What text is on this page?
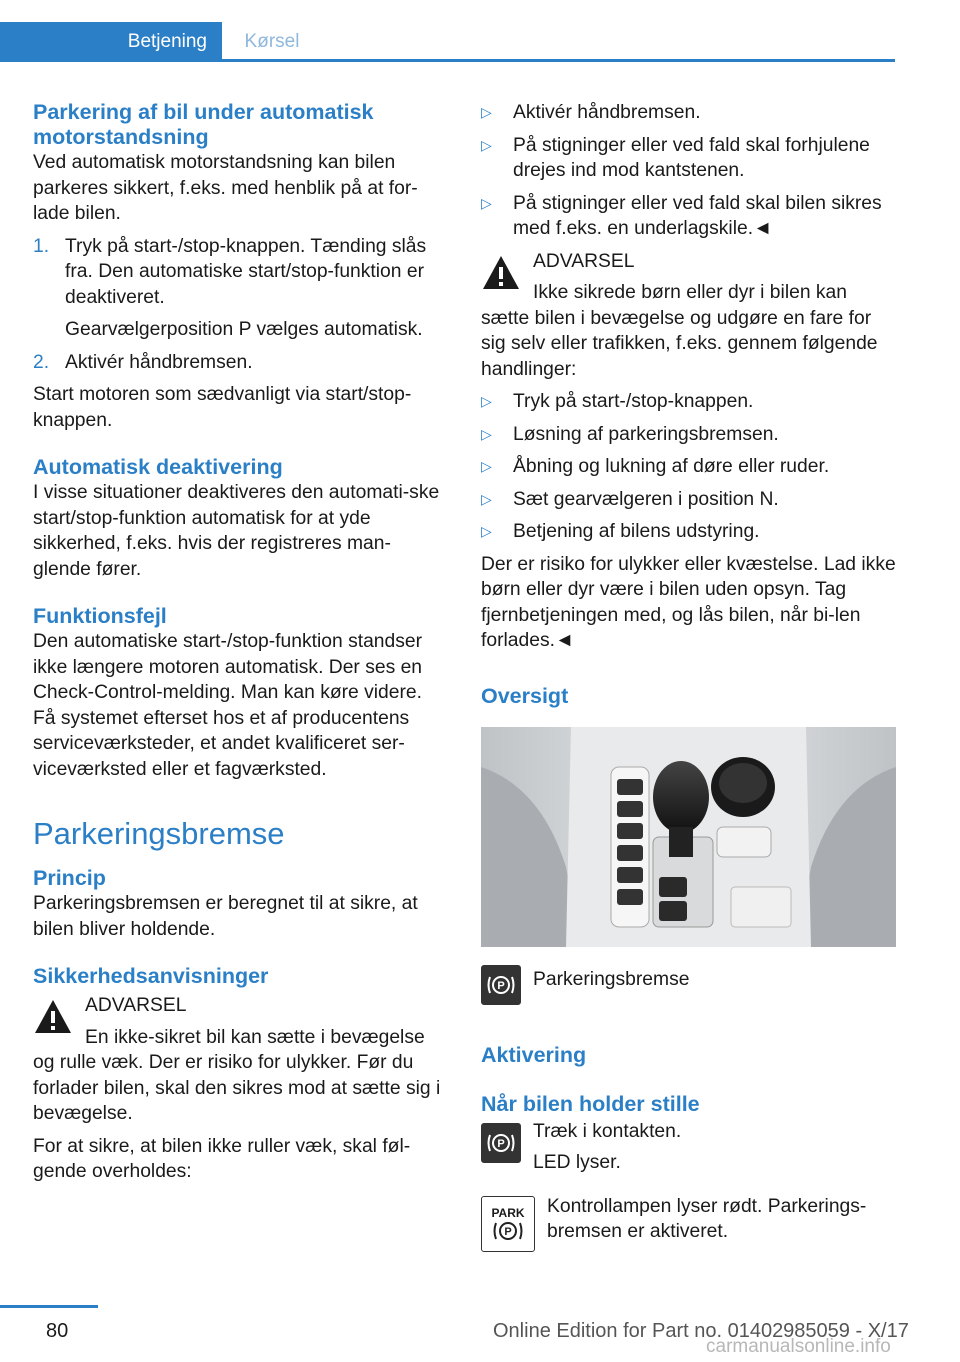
Betjening	Kørsel
Parkering af bil under automatisk motorstandsning

Ved automatisk motorstandsning kan bilen parkeres sikkert, f.eks. med henblik på at for-lade bilen.

1. Tryk på start-/stop-knappen. Tænding slås fra. Den automatiske start/stop-funktion er deaktiveret.

Gearvælgerposition P vælges automatisk.

2. Aktivér håndbremsen.

Start motoren som sædvanligt via start/stop-knappen.

Automatisk deaktivering

I visse situationer deaktiveres den automati-ske start/stop-funktion automatisk for at yde sikkerhed, f.eks. hvis der registreres man-glende fører.

Funktionsfejl

Den automatiske start-/stop-funktion standser ikke længere motoren automatisk. Der ses en Check-Control-melding. Man kan køre videre. Få systemet efterset hos et af producentens serviceværksteder, et andet kvalificeret ser-viceværksted eller et fagværksted.

Parkeringsbremse
Princip

Parkeringsbremsen er beregnet til at sikre, at bilen bliver holdende.

Sikkerhedsanvisninger
ADVARSEL
En ikke-sikret bil kan sætte i bevægelse

og rulle væk. Der er risiko for ulykker. Før du forlader bilen, skal den sikres mod at sætte sig i bevægelse.

For at sikre, at bilen ikke ruller væk, skal føl-gende overholdes:

▷	Aktivér håndbremsen.
▷	På stigninger eller ved fald skal forhjulene drejes ind mod kantstenen.
▷	På stigninger eller ved fald skal bilen sikres med f.eks. en underlagskile.◄
ADVARSEL
Ikke sikrede børn eller dyr i bilen kan

sætte bilen i bevægelse og udgøre en fare for sig selv eller trafikken, f.eks. gennem følgende handlinger:

▷	Tryk på start-/stop-knappen.
▷	Løsning af parkeringsbremsen.
▷	Åbning og lukning af døre eller ruder.
▷	Sæt gearvælgeren i position N.
▷	Betjening af bilens udstyring.

Der er risiko for ulykker eller kvæstelse. Lad ikke børn eller dyr være i bilen uden opsyn. Tag fjernbetjeningen med, og lås bilen, når bi-len forlades.◄

Oversigt
P Parkeringsbremse
Aktivering
Når bilen holder stille
P
Træk i kontakten.
LED lyser.
PARK
P
Kontrollampen lyser rødt. Parkerings-bremsen er aktiveret.
80	Online Edition for Part no. 01402985059 - X/17
carmanualsonline.info
